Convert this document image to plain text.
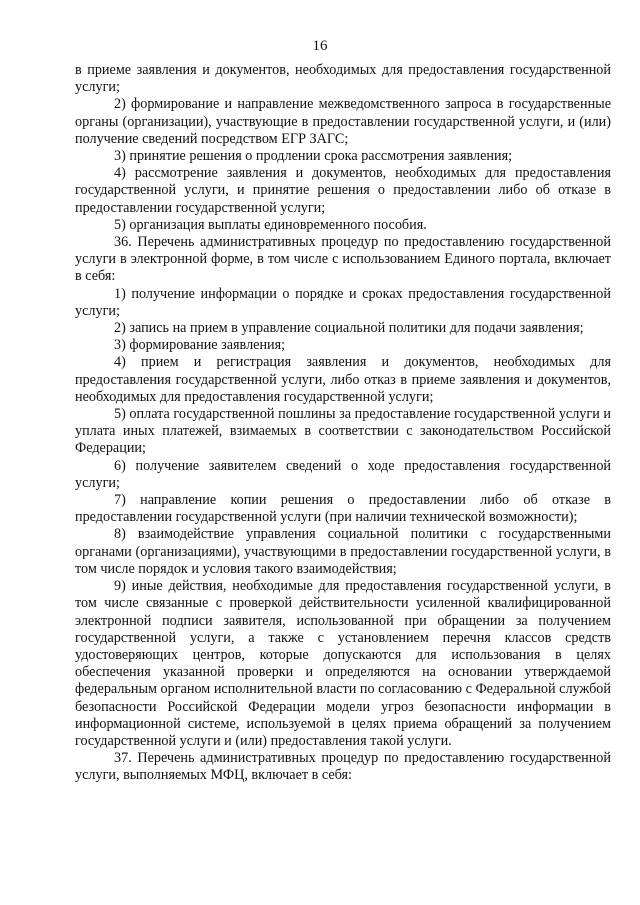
16

в приеме заявления и документов, необходимых для предоставления государственной услуги;

2) формирование и направление межведомственного запроса в государственные органы (организации), участвующие в предоставлении государственной услуги, и (или) получение сведений посредством ЕГР ЗАГС;

3) принятие решения о продлении срока рассмотрения заявления;

4) рассмотрение заявления и документов, необходимых для предоставления государственной услуги, и принятие решения о предоставлении либо об отказе в предоставлении государственной услуги;

5) организация выплаты единовременного пособия.

36. Перечень административных процедур по предоставлению государственной услуги в электронной форме, в том числе с использованием Единого портала, включает в себя:

1) получение информации о порядке и сроках предоставления государственной услуги;

2) запись на прием в управление социальной политики для подачи заявления;

3) формирование заявления;

4) прием и регистрация заявления и документов, необходимых для предоставления государственной услуги, либо отказ в приеме заявления и документов, необходимых для предоставления государственной услуги;

5) оплата государственной пошлины за предоставление государственной услуги и уплата иных платежей, взимаемых в соответствии с законодательством Российской Федерации;

6) получение заявителем сведений о ходе предоставления государственной услуги;

7) направление копии решения о предоставлении либо об отказе в предоставлении государственной услуги (при наличии технической возможности);

8) взаимодействие управления социальной политики с государственными органами (организациями), участвующими в предоставлении государственной услуги, в том числе порядок и условия такого взаимодействия;

9) иные действия, необходимые для предоставления государственной услуги, в том числе связанные с проверкой действительности усиленной квалифицированной электронной подписи заявителя, использованной при обращении за получением государственной услуги, а также с установлением перечня классов средств удостоверяющих центров, которые допускаются для использования в целях обеспечения указанной проверки и определяются на основании утверждаемой федеральным органом исполнительной власти по согласованию с Федеральной службой безопасности Российской Федерации модели угроз безопасности информации в информационной системе, используемой в целях приема обращений за получением государственной услуги и (или) предоставления такой услуги.

37. Перечень административных процедур по предоставлению государственной услуги, выполняемых МФЦ, включает в себя:
